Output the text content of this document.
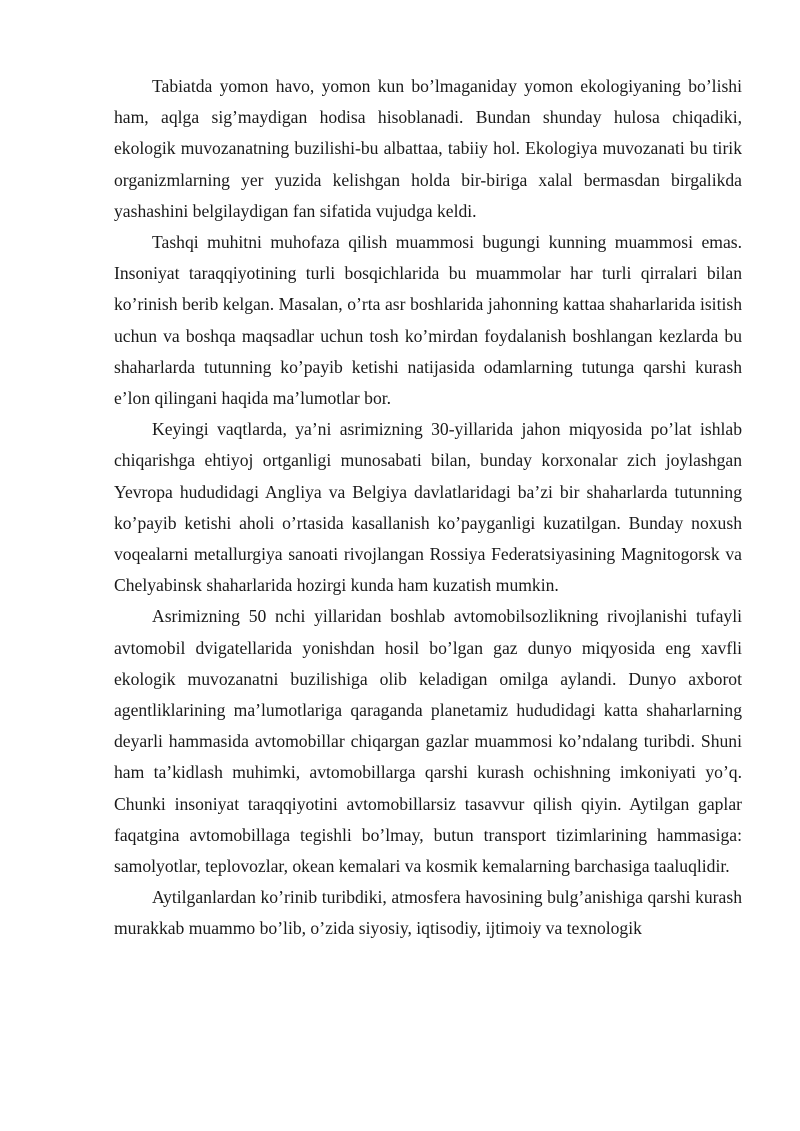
Tabiatda yomon havo, yomon kun bo’lmaganiday yomon ekologiyaning bo’lishi ham, aqlga sig’maydigan hodisa hisoblanadi. Bundan shunday hulosa chiqadiki, ekologik muvozanatning buzilishi-bu albattaa, tabiiy hol. Ekologiya muvozanati bu tirik organizmlarning yer yuzida kelishgan holda bir-biriga xalal bermasdan birgalikda yashashini belgilaydigan fan sifatida vujudga keldi.

Tashqi muhitni muhofaza qilish muammosi bugungi kunning muammosi emas. Insoniyat taraqqiyotining turli bosqichlarida bu muammolar har turli qirralari bilan ko’rinish berib kelgan. Masalan, o’rta asr boshlarida jahonning kattaa shaharlarida isitish uchun va boshqa maqsadlar uchun tosh ko’mirdan foydalanish boshlangan kezlarda bu shaharlarda tutunning ko’payib ketishi natijasida odamlarning tutunga qarshi kurash e’lon qilingani haqida ma’lumotlar bor.

Keyingi vaqtlarda, ya’ni asrimizning 30-yillarida jahon miqyosida po’lat ishlab chiqarishga ehtiyoj ortganligi munosabati bilan, bunday korxonalar zich joylashgan Yevropa hududidagi Angliya va Belgiya davlatlaridagi ba’zi bir shaharlarda tutunning ko’payib ketishi aholi o’rtasida kasallanish ko’payganligi kuzatilgan. Bunday noxush voqealarni metallurgiya sanoati rivojlangan Rossiya Federatsiyasining Magnitogorsk va Chelyabinsk shaharlarida hozirgi kunda ham kuzatish mumkin.

Asrimizning 50 nchi yillaridan boshlab avtomobilsozlikning rivojlanishi tufayli avtomobil dvigatellarida yonishdan hosil bo’lgan gaz dunyo miqyosida eng xavfli ekologik muvozanatni buzilishiga olib keladigan omilga aylandi. Dunyo axborot agentliklarining ma’lumotlariga qaraganda planetamiz hududidagi katta shaharlarning deyarli hammasida avtomobillar chiqargan gazlar muammosi ko’ndalang turibdi. Shuni ham ta’kidlash muhimki, avtomobillarga qarshi kurash ochishning imkoniyati yo’q. Chunki insoniyat taraqqiyotini avtomobillarsiz tasavvur qilish qiyin. Aytilgan gaplar faqatgina avtomobillaga tegishli bo’lmay, butun transport tizimlarining hammasiga: samolyotlar, teplovozlar, okean kemalari va kosmik kemalarning barchasiga taaluqlidir.

Aytilganlardan ko’rinib turibdiki, atmosfera havosining bulg’anishiga qarshi kurash murakkab muammo bo’lib, o’zida siyosiy, iqtisodiy, ijtimoiy va texnologik
